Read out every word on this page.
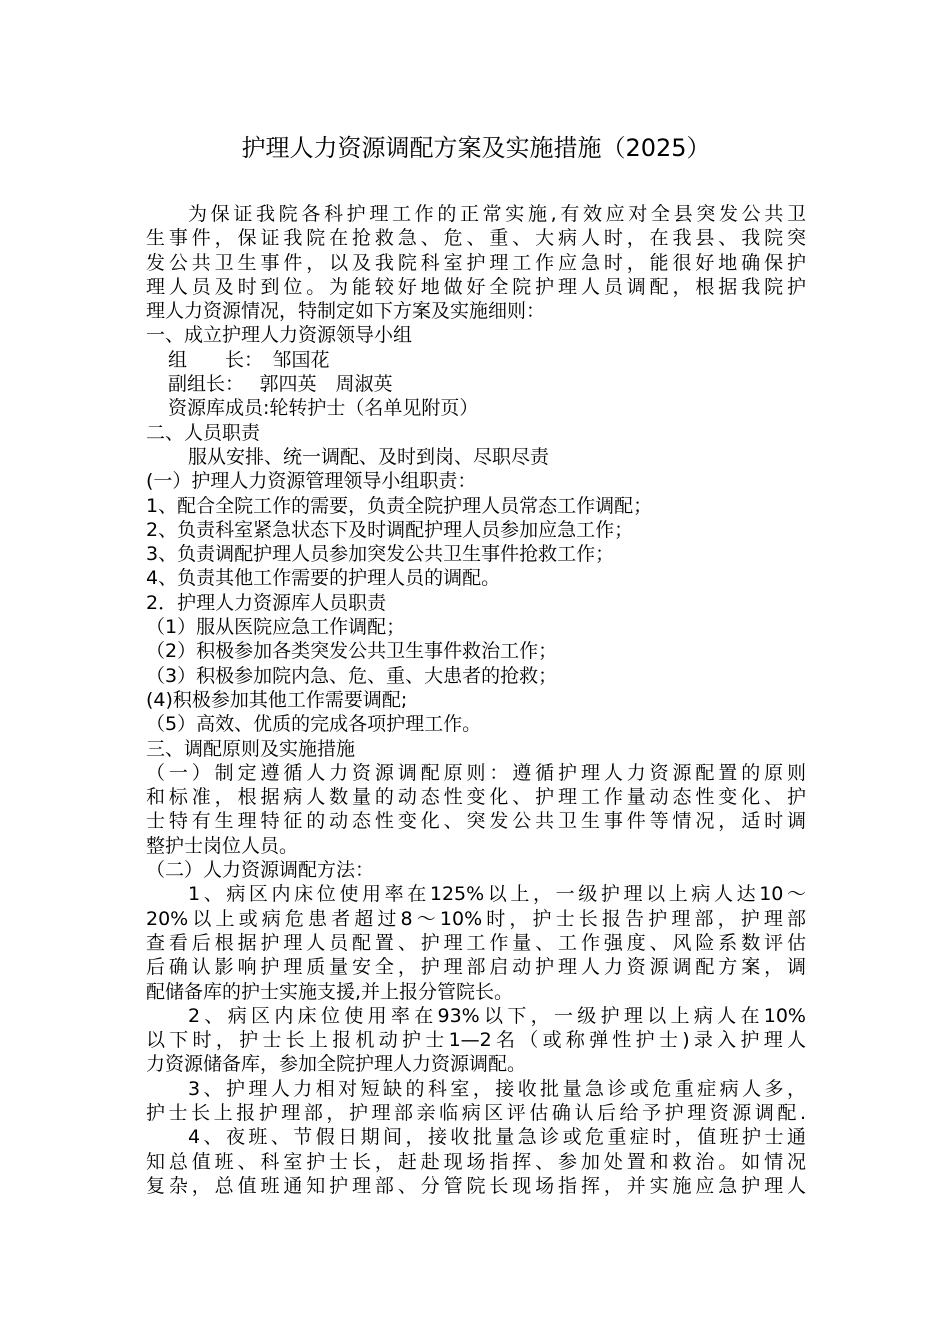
护理人力资源调配方案及实施措施（2025）
为保证我院各科护理工作的正常实施,有效应对全县突发公共卫
生事件，保证我院在抢救急、危、重、大病人时，在我县、我院突
发公共卫生事件，以及我院科室护理工作应急时，能很好地确保护
理人员及时到位。为能较好地做好全院护理人员调配，根据我院护
理人力资源情况，特制定如下方案及实施细则：
一、成立护理人力资源领导小组
组　　长：　邹国花
副组长：　 郭四英　周淑英
资源库成员:轮转护士（名单见附页）
二、人员职责
服从安排、统一调配、及时到岗、尽职尽责
(一）护理人力资源管理领导小组职责：
1、配合全院工作的需要，负责全院护理人员常态工作调配；
2、负责科室紧急状态下及时调配护理人员参加应急工作；
3、负责调配护理人员参加突发公共卫生事件抢救工作；
4、负责其他工作需要的护理人员的调配。
2．护理人力资源库人员职责
（1）服从医院应急工作调配；
（2）积极参加各类突发公共卫生事件救治工作；
（3）积极参加院内急、危、重、大患者的抢救；
(4)积极参加其他工作需要调配;
（5）高效、优质的完成各项护理工作。
三、调配原则及实施措施
（一）制定遵循人力资源调配原则：遵循护理人力资源配置的原则
和标准，根据病人数量的动态性变化、护理工作量动态性变化、护
士特有生理特征的动态性变化、突发公共卫生事件等情况，适时调
整护士岗位人员。
（二）人力资源调配方法：
1、病区内床位使用率在125%以上，一级护理以上病人达10～
20%以上或病危患者超过8～10%时，护士长报告护理部，护理部
查看后根据护理人员配置、护理工作量、工作强度、风险系数评估
后确认影响护理质量安全，护理部启动护理人力资源调配方案，调
配储备库的护士实施支援,并上报分管院长。
2、病区内床位使用率在93%以下，一级护理以上病人在10%
以下时，护士长上报机动护士1—2名（或称弹性护士)录入护理人
力资源储备库，参加全院护理人力资源调配。
3、护理人力相对短缺的科室，接收批量急诊或危重症病人多，
护士长上报护理部，护理部亲临病区评估确认后给予护理资源调配.
4、夜班、节假日期间，接收批量急诊或危重症时，值班护士通
知总值班、科室护士长，赶赴现场指挥、参加处置和救治。如情况
复杂，总值班通知护理部、分管院长现场指挥，并实施应急护理人
